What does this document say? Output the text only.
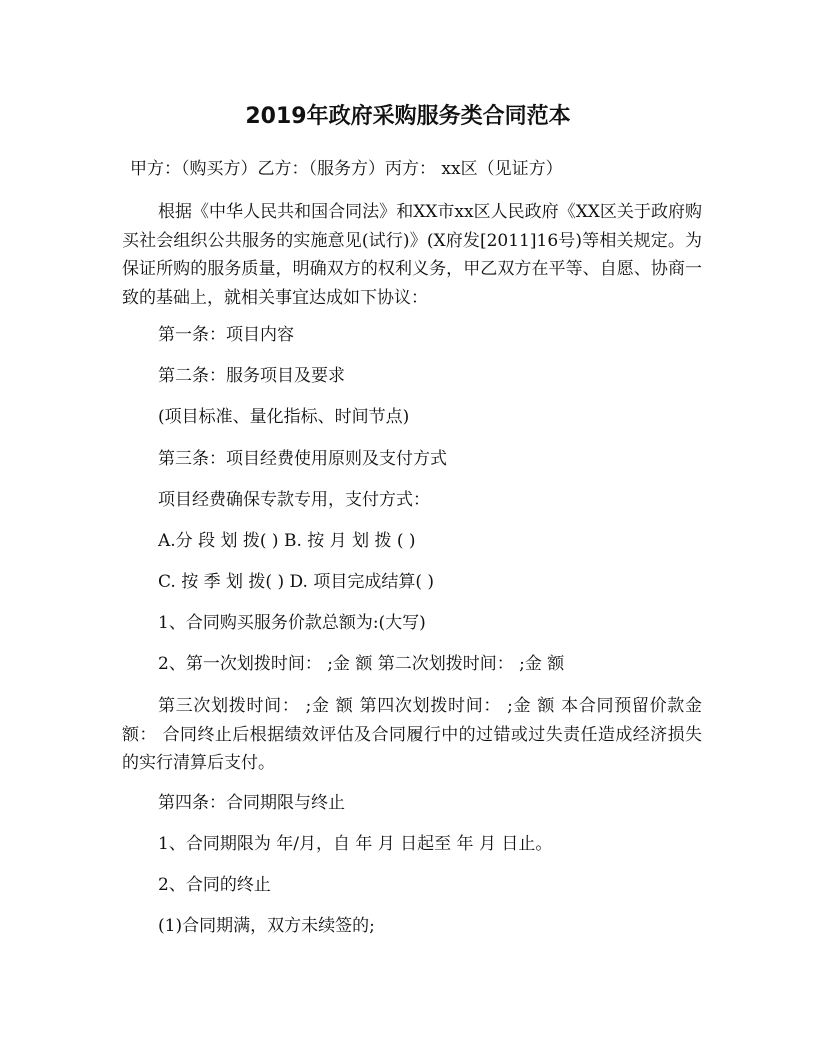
2019年政府采购服务类合同范本

甲方：（购买方）乙方：（服务方）丙方： xx区（见证方）

根据《中华人民共和国合同法》和XX市xx区人民政府《XX区关于政府购买社会组织公共服务的实施意见(试行)》(X府发[2011]16号)等相关规定。为保证所购的服务质量，明确双方的权利义务，甲乙双方在平等、自愿、协商一致的基础上，就相关事宜达成如下协议：

第一条：项目内容

第二条：服务项目及要求

(项目标准、量化指标、时间节点)

第三条：项目经费使用原则及支付方式

项目经费确保专款专用，支付方式：

A.分 段 划 拨( ) B. 按 月 划 拨 ( )

C. 按 季 划 拨( ) D. 项目完成结算( )

1、合同购买服务价款总额为:(大写)

2、第一次划拨时间： ;金 额 第二次划拨时间： ;金 额

第三次划拨时间： ;金 额 第四次划拨时间： ;金 额 本合同预留价款金额： 合同终止后根据绩效评估及合同履行中的过错或过失责任造成经济损失的实行清算后支付。

第四条：合同期限与终止

1、合同期限为 年/月，自 年 月 日起至 年 月 日止。

2、合同的终止

(1)合同期满，双方未续签的;
